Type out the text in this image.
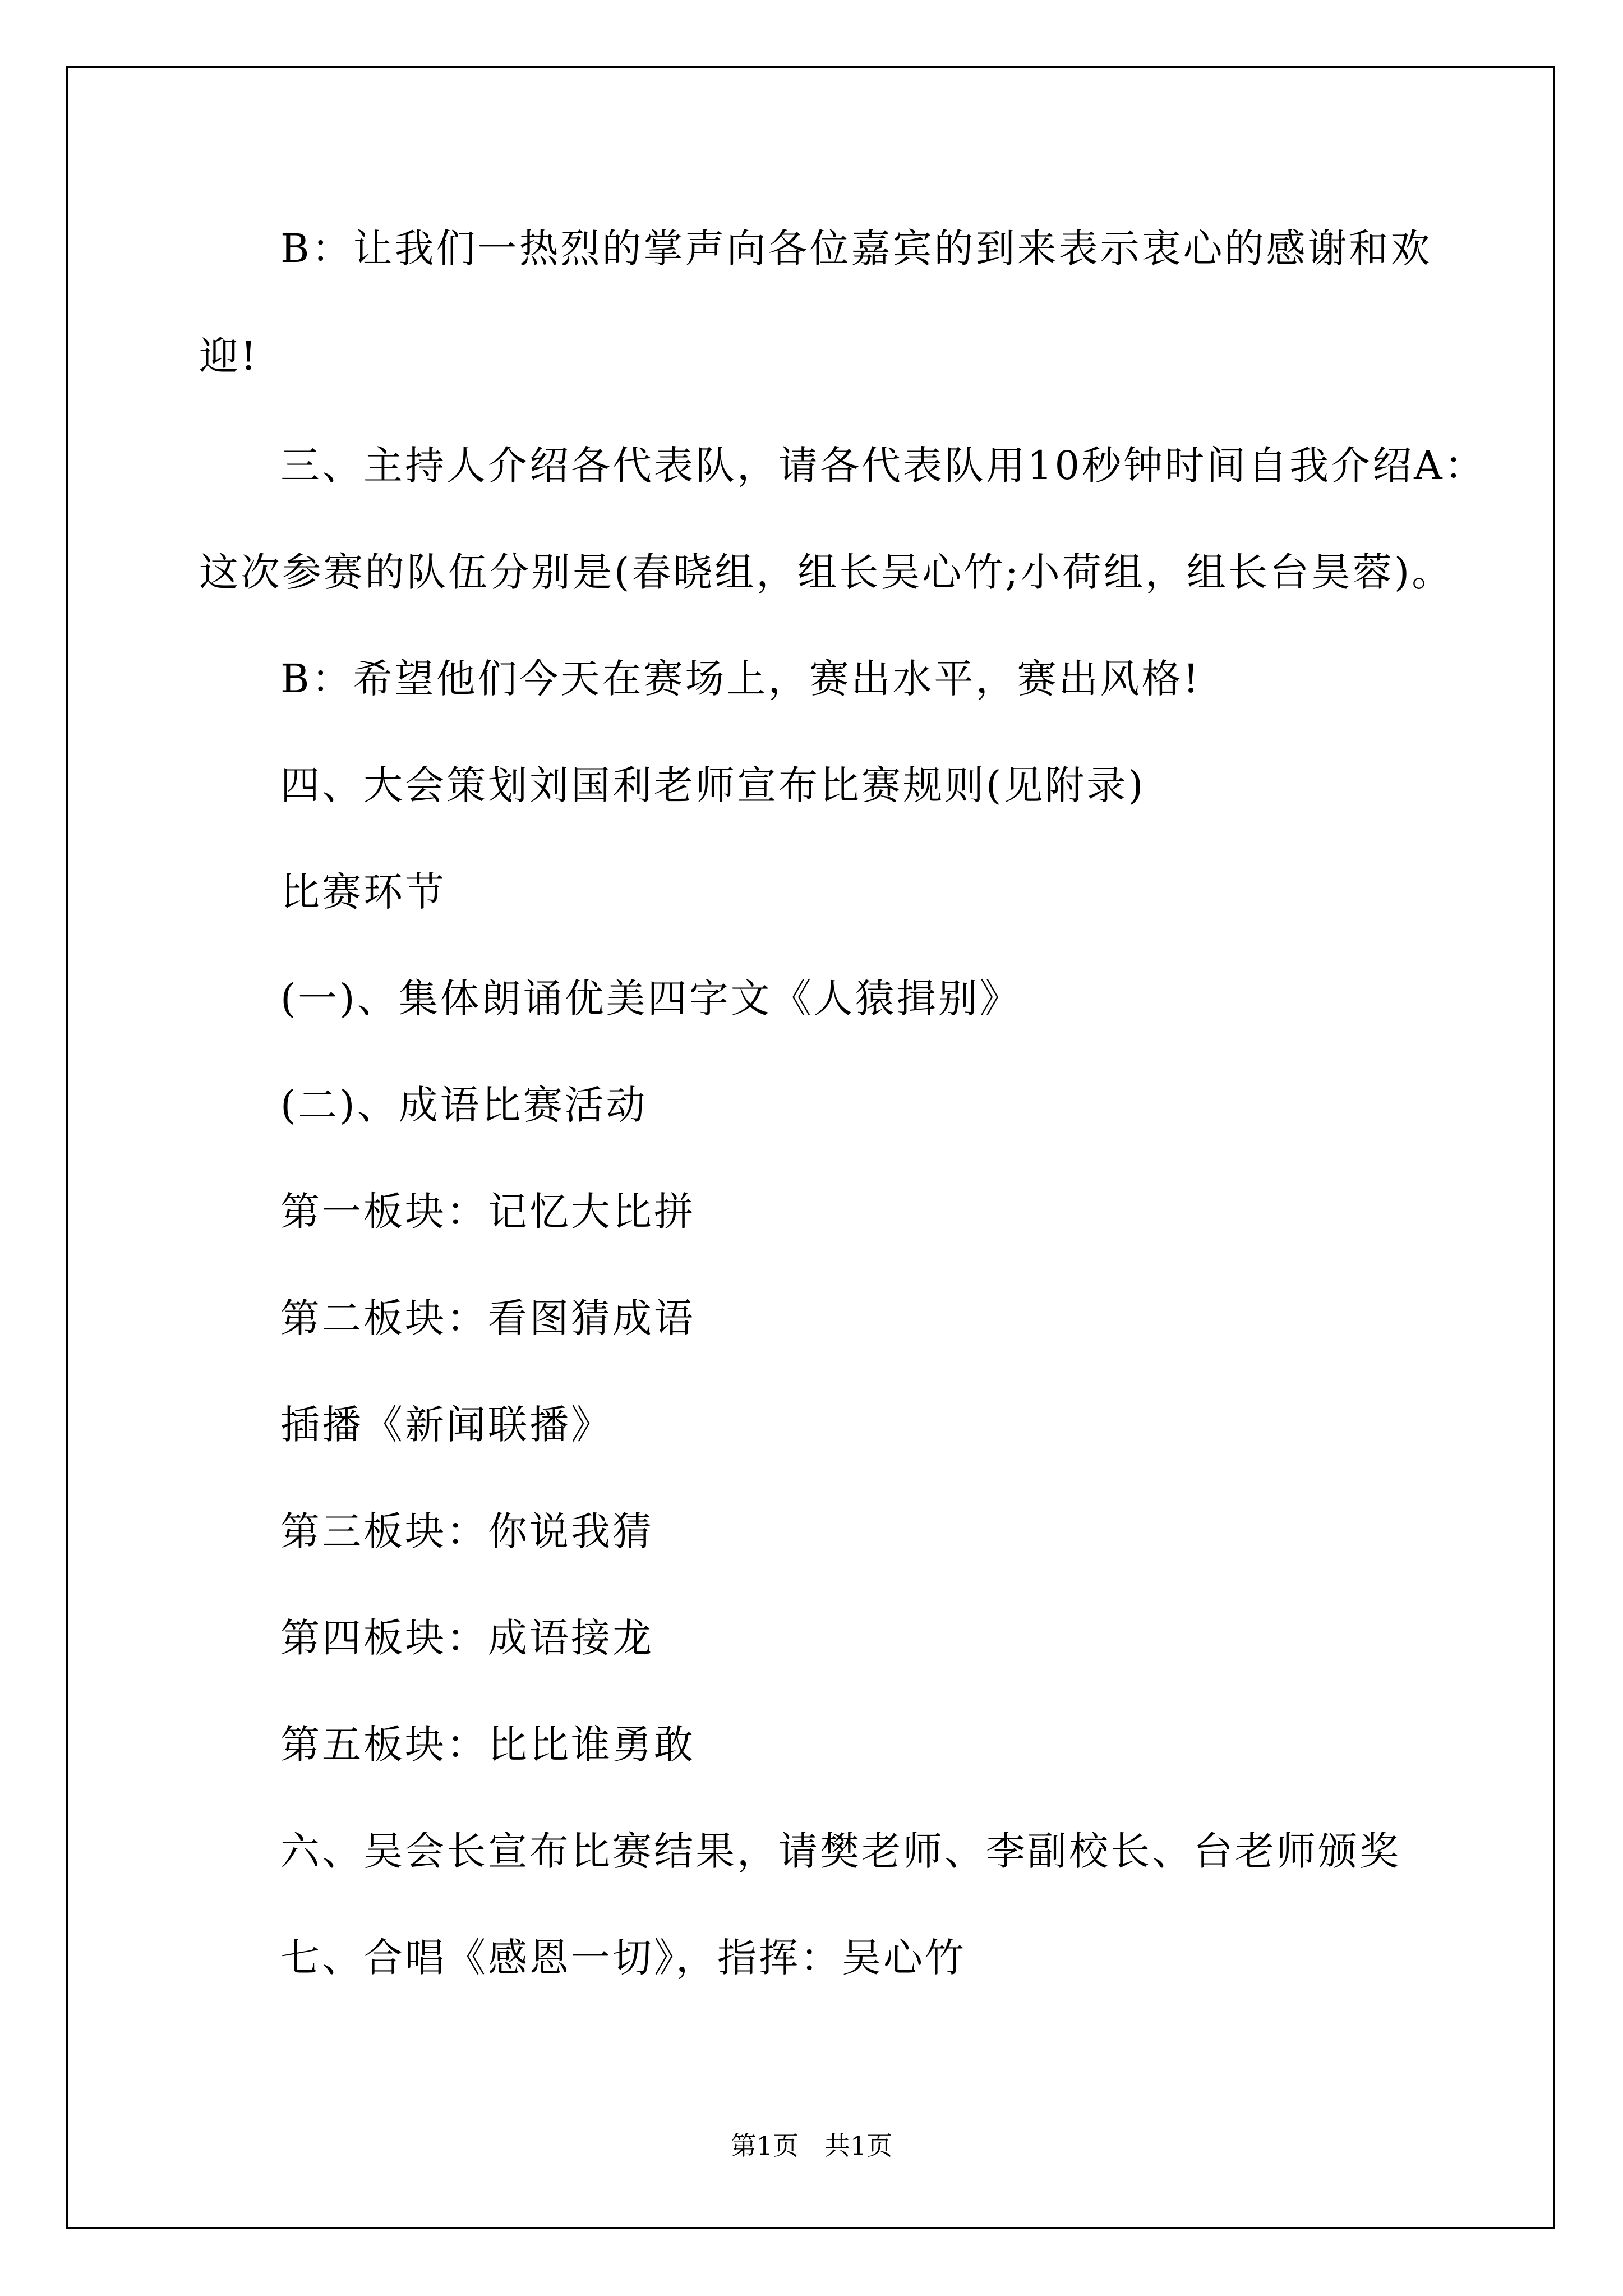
B：让我们一热烈的掌声向各位嘉宾的到来表示衷心的感谢和欢
迎!
三、主持人介绍各代表队，请各代表队用10秒钟时间自我介绍A：
这次参赛的队伍分别是(春晓组，组长吴心竹;小荷组，组长台昊蓉)。
B：希望他们今天在赛场上，赛出水平，赛出风格!
四、大会策划刘国利老师宣布比赛规则(见附录)
比赛环节
(一)、集体朗诵优美四字文《人猿揖别》
(二)、成语比赛活动
第一板块：记忆大比拼
第二板块：看图猜成语
插播《新闻联播》
第三板块：你说我猜
第四板块：成语接龙
第五板块：比比谁勇敢
六、吴会长宣布比赛结果，请樊老师、李副校长、台老师颁奖
七、合唱《感恩一切》，指挥：吴心竹
第1页　共1页
